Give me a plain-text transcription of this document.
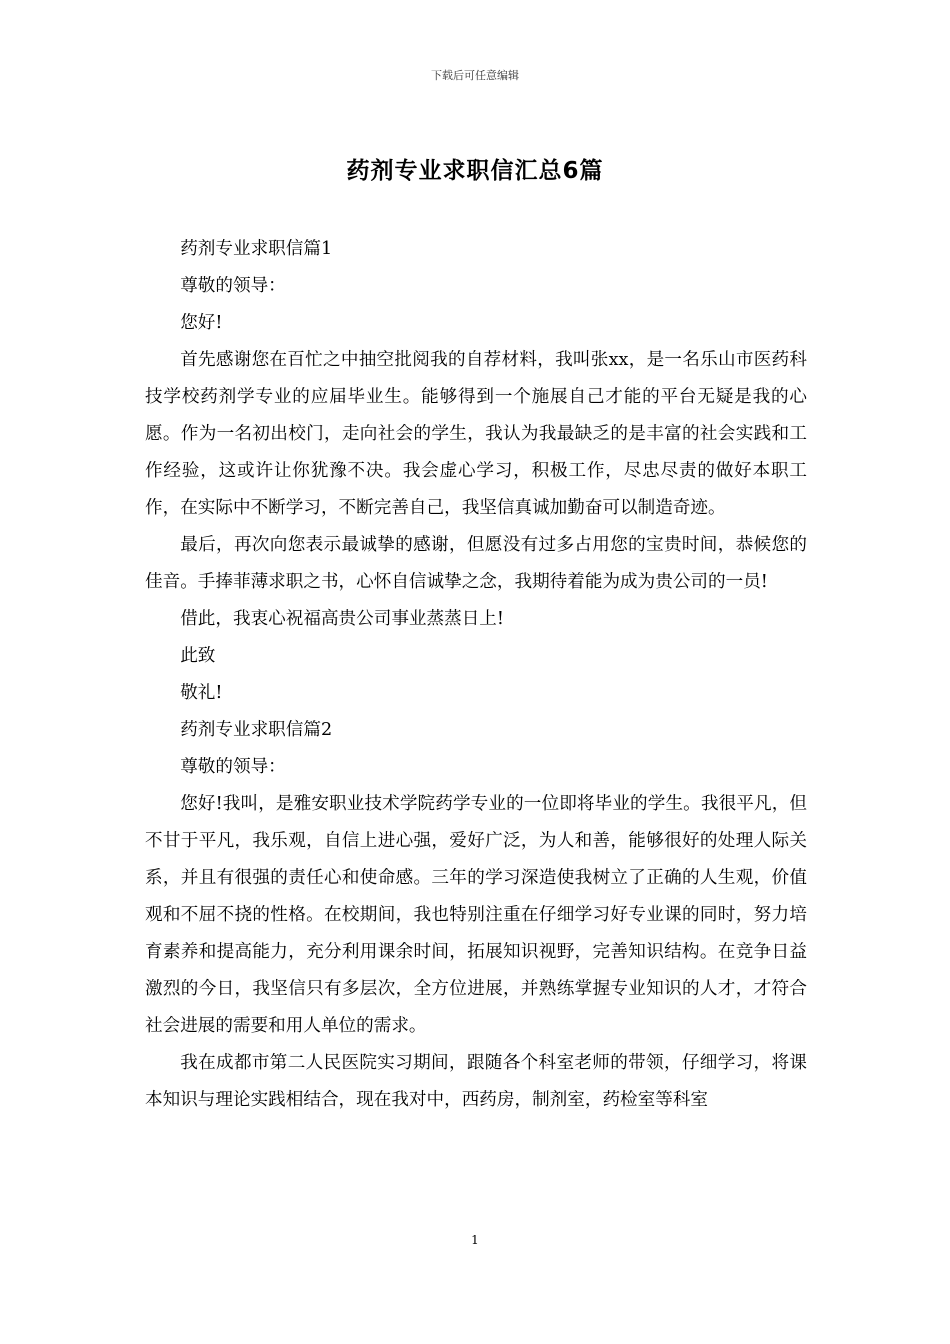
下载后可任意编辑
药剂专业求职信汇总6篇

药剂专业求职信篇1

尊敬的领导：

您好!

首先感谢您在百忙之中抽空批阅我的自荐材料，我叫张xx，是一名乐山市医药科技学校药剂学专业的应届毕业生。能够得到一个施展自己才能的平台无疑是我的心愿。作为一名初出校门，走向社会的学生，我认为我最缺乏的是丰富的社会实践和工作经验，这或许让你犹豫不决。我会虚心学习，积极工作，尽忠尽责的做好本职工作，在实际中不断学习，不断完善自己，我坚信真诚加勤奋可以制造奇迹。

最后，再次向您表示最诚挚的感谢，但愿没有过多占用您的宝贵时间，恭候您的佳音。手捧菲薄求职之书，心怀自信诚挚之念，我期待着能为成为贵公司的一员!

借此，我衷心祝福高贵公司事业蒸蒸日上!

此致

敬礼!

药剂专业求职信篇2

尊敬的领导：

您好!我叫，是雅安职业技术学院药学专业的一位即将毕业的学生。我很平凡，但不甘于平凡，我乐观，自信上进心强，爱好广泛，为人和善，能够很好的处理人际关系，并且有很强的责任心和使命感。三年的学习深造使我树立了正确的人生观，价值观和不屈不挠的性格。在校期间，我也特别注重在仔细学习好专业课的同时，努力培育素养和提高能力，充分利用课余时间，拓展知识视野，完善知识结构。在竞争日益激烈的今日，我坚信只有多层次，全方位进展，并熟练掌握专业知识的人才，才符合社会进展的需要和用人单位的需求。

我在成都市第二人民医院实习期间，跟随各个科室老师的带领，仔细学习，将课本知识与理论实践相结合，现在我对中，西药房，制剂室，药检室等科室

1
